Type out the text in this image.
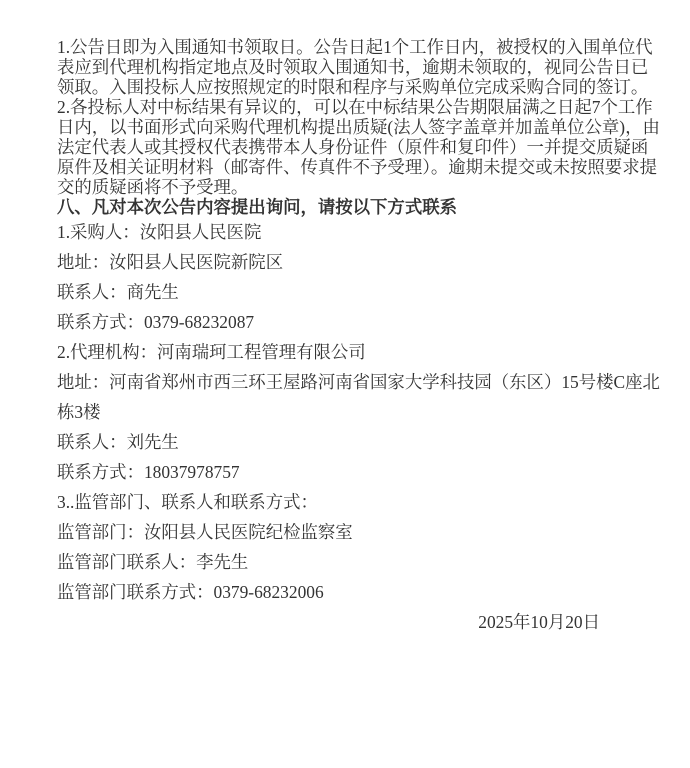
1.公告日即为入围通知书领取日。公告日起1个工作日内，被授权的入围单位代表应到代理机构指定地点及时领取入围通知书，逾期未领取的，视同公告日已领取。入围投标人应按照规定的时限和程序与采购单位完成采购合同的签订。

2.各投标人对中标结果有异议的，可以在中标结果公告期限届满之日起7个工作日内，以书面形式向采购代理机构提出质疑(法人签字盖章并加盖单位公章)，由法定代表人或其授权代表携带本人身份证件（原件和复印件）一并提交质疑函原件及相关证明材料（邮寄件、传真件不予受理）。逾期未提交或未按照要求提交的质疑函将不予受理。

八、凡对本次公告内容提出询问，请按以下方式联系

1.采购人：汝阳县人民医院

地址：汝阳县人民医院新院区

联系人：商先生

联系方式：0379-68232087

2.代理机构：河南瑞珂工程管理有限公司

地址：河南省郑州市西三环王屋路河南省国家大学科技园（东区）15号楼C座北栋3楼

联系人：刘先生

联系方式：18037978757

3..监管部门、联系人和联系方式：

监管部门：汝阳县人民医院纪检监察室

监管部门联系人：李先生

监管部门联系方式：0379-68232006

2025年10月20日
